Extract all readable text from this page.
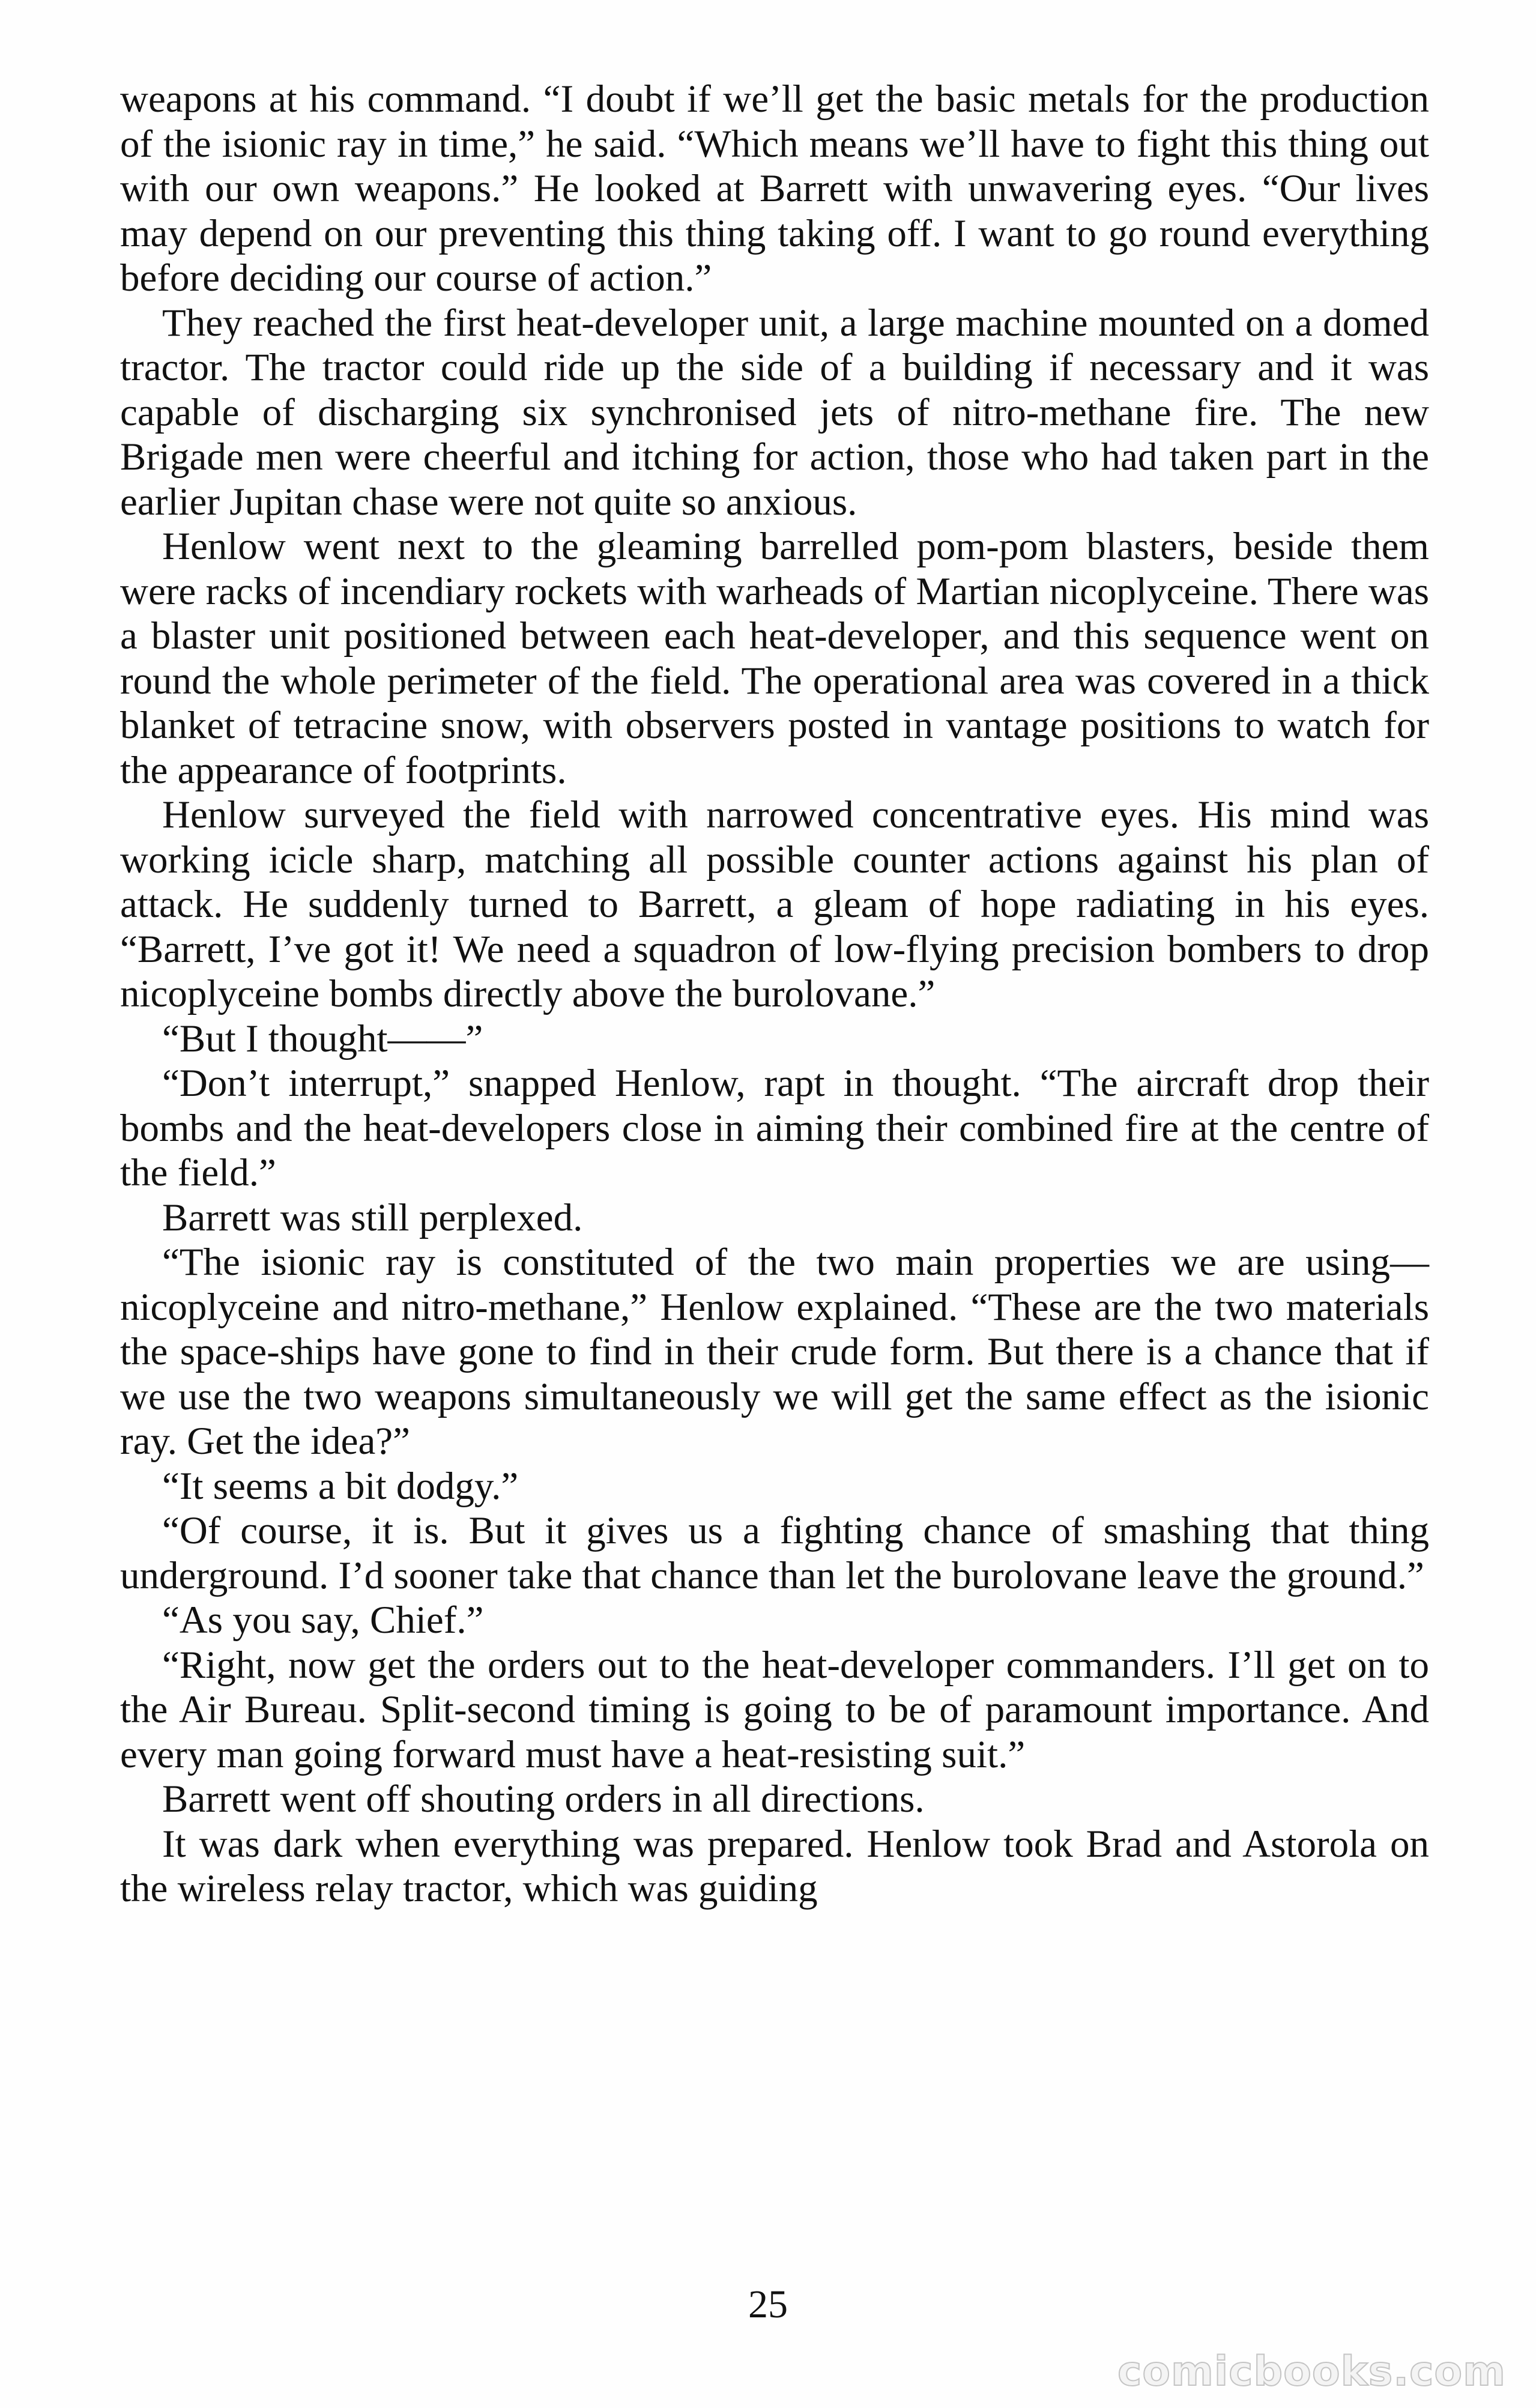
weapons at his command. “I doubt if we’ll get the basic metals for the production of the isionic ray in time,” he said. “Which means we’ll have to fight this thing out with our own weapons.” He looked at Barrett with unwavering eyes. “Our lives may depend on our preventing this thing taking off. I want to go round everything before deciding our course of action.”

They reached the first heat-developer unit, a large machine mounted on a domed tractor. The tractor could ride up the side of a building if necessary and it was capable of discharging six synchronised jets of nitro-methane fire. The new Brigade men were cheerful and itching for action, those who had taken part in the earlier Jupitan chase were not quite so anxious.

Henlow went next to the gleaming barrelled pom-pom blasters, beside them were racks of incendiary rockets with warheads of Martian nicoplyceine. There was a blaster unit positioned between each heat-developer, and this sequence went on round the whole perimeter of the field. The operational area was covered in a thick blanket of tetracine snow, with observers posted in vantage positions to watch for the appearance of footprints.

Henlow surveyed the field with narrowed concentrative eyes. His mind was working icicle sharp, matching all possible counter actions against his plan of attack. He suddenly turned to Barrett, a gleam of hope radiating in his eyes. “Barrett, I’ve got it! We need a squadron of low-flying precision bombers to drop nicoplyceine bombs directly above the burolovane.”

“But I thought——”

“Don’t interrupt,” snapped Henlow, rapt in thought. “The aircraft drop their bombs and the heat-developers close in aiming their combined fire at the centre of the field.”

Barrett was still perplexed.

“The isionic ray is constituted of the two main properties we are using—nicoplyceine and nitro-methane,” Henlow explained. “These are the two materials the space-ships have gone to find in their crude form. But there is a chance that if we use the two weapons simultaneously we will get the same effect as the isionic ray. Get the idea?”

“It seems a bit dodgy.”

“Of course, it is. But it gives us a fighting chance of smashing that thing underground. I’d sooner take that chance than let the burolovane leave the ground.”

“As you say, Chief.”

“Right, now get the orders out to the heat-developer commanders. I’ll get on to the Air Bureau. Split-second timing is going to be of paramount importance. And every man going forward must have a heat-resisting suit.”

Barrett went off shouting orders in all directions.

It was dark when everything was prepared. Henlow took Brad and Astorola on the wireless relay tractor, which was guiding

25
comicbooks.com
